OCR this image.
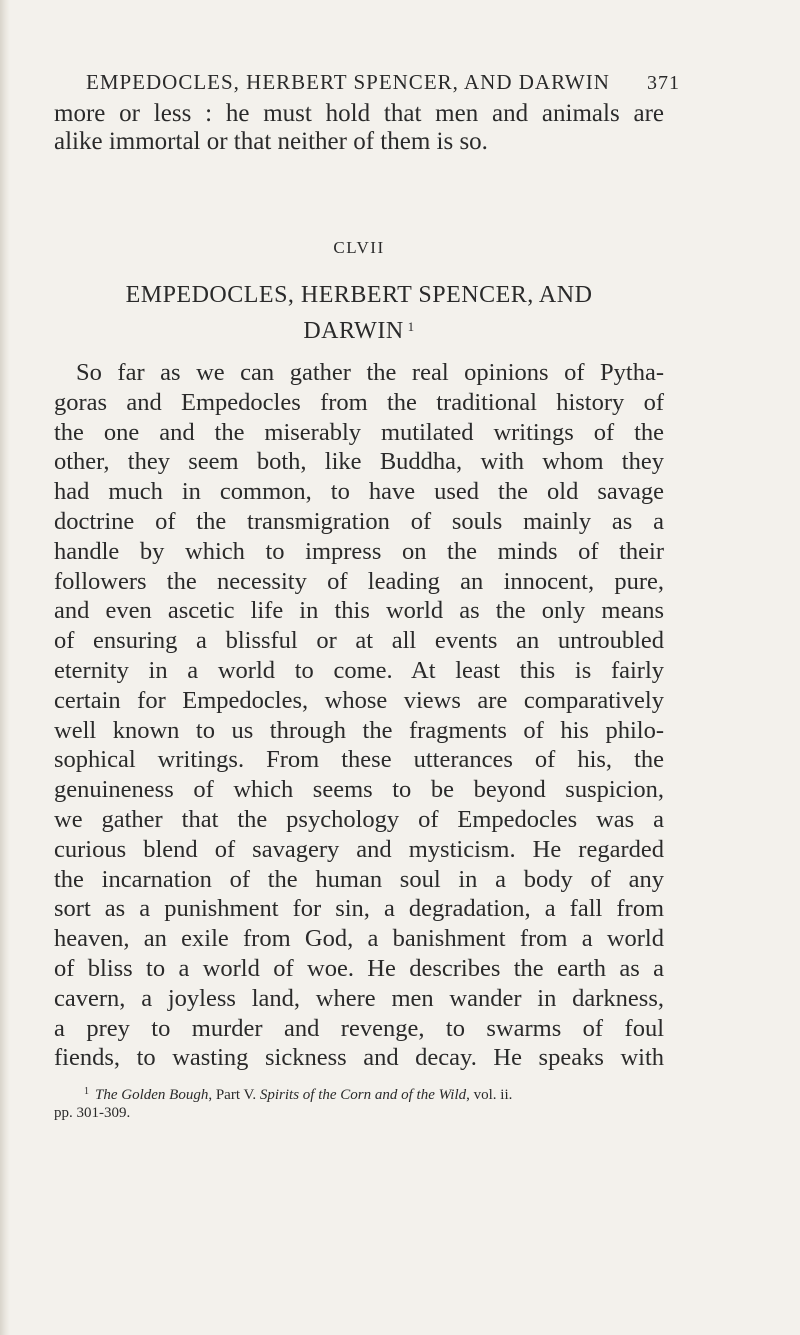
EMPEDOCLES, HERBERT SPENCER, AND DARWIN 371

more or less : he must hold that men and animals are
alike immortal or that neither of them is so.

CLVII
EMPEDOCLES, HERBERT SPENCER, AND
DARWIN $^1$
So far as we can gather the real opinions of Pytha-
goras and Empedocles from the traditional history of
the one and the miserably mutilated writings of the
other, they seem both, like Buddha, with whom they
had much in common, to have used the old savage
doctrine of the transmigration of souls mainly as a
handle by which to impress on the minds of their
followers the necessity of leading an innocent, pure,
and even ascetic life in this world as the only means
of ensuring a blissful or at all events an untroubled
eternity in a world to come. At least this is fairly
certain for Empedocles, whose views are comparatively
well known to us through the fragments of his philo-
sophical writings. From these utterances of his, the
genuineness of which seems to be beyond suspicion,
we gather that the psychology of Empedocles was a
curious blend of savagery and mysticism. He regarded
the incarnation of the human soul in a body of any
sort as a punishment for sin, a degradation, a fall from
heaven, an exile from God, a banishment from a world
of bliss to a world of woe. He describes the earth as a
cavern, a joyless land, where men wander in darkness,
a prey to murder and revenge, to swarms of foul
fiends, to wasting sickness and decay. He speaks with
$^1$ The Golden Bough, Part V. Spirits of the Corn and of the Wild, vol. ii.
pp. 301-309.
